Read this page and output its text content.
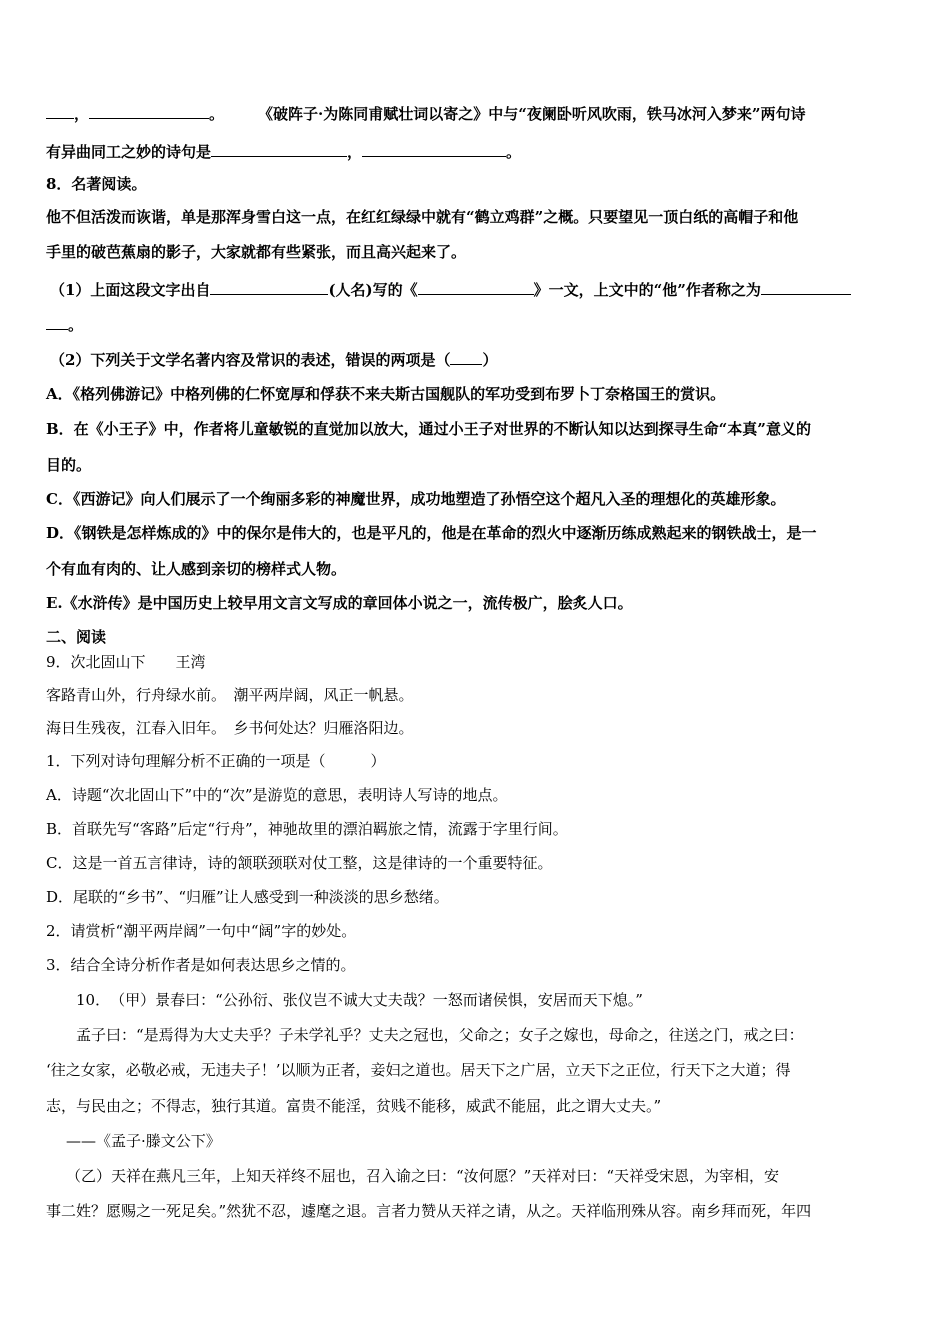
，	。 《破阵子·为陈同甫赋壮词以寄之》中与“夜阑卧听风吹雨，铁马冰河入梦来”两句诗
有异曲同工之妙的诗句是	，	。
8．名著阅读。
他不但活泼而诙谐，单是那浑身雪白这一点，在红红绿绿中就有“鹤立鸡群”之概。只要望见一顶白纸的高帽子和他
手里的破芭蕉扇的影子，大家就都有些紧张，而且高兴起来了。
（1）上面这段文字出自	(人名)写的《	》一文，上文中的“他”作者称之为
。
（2）下列关于文学名著内容及常识的表述，错误的两项是（ ）
A．《格列佛游记》中格列佛的仁怀宽厚和俘获不来夫斯古国舰队的军功受到布罗卜丁奈格国王的赏识。
B．在《小王子》中，作者将儿童敏锐的直觉加以放大，通过小王子对世界的不断认知以达到探寻生命“本真”意义的
目的。
C．《西游记》向人们展示了一个绚丽多彩的神魔世界，成功地塑造了孙悟空这个超凡入圣的理想化的英雄形象。
D．《钢铁是怎样炼成的》中的保尔是伟大的，也是平凡的，他是在革命的烈火中逐渐历练成熟起来的钢铁战士，是一
个有血有肉的、让人感到亲切的榜样式人物。
E.《水浒传》是中国历史上较早用文言文写成的章回体小说之一，流传极广，脍炙人口。
二、阅读
9．次北固山下　　王湾
客路青山外，行舟绿水前。　潮平两岸阔，风正一帆悬。
海日生残夜，江春入旧年。　乡书何处达？归雁洛阳边。
1．下列对诗句理解分析不正确的一项是（　　　）
A．诗题“次北固山下”中的“次”是游览的意思，表明诗人写诗的地点。
B．首联先写“客路”后定“行舟”，神驰故里的漂泊羁旅之情，流露于字里行间。
C．这是一首五言律诗，诗的颔联颈联对仗工整，这是律诗的一个重要特征。
D．尾联的“乡书”、“归雁”让人感受到一种淡淡的思乡愁绪。
2．请赏析“潮平两岸阔”一句中“阔”字的妙处。
3．结合全诗分析作者是如何表达思乡之情的。
10．　（甲）景春曰：“公孙衍、张仪岂不诚大丈夫哉？一怒而诸侯惧，安居而天下熄。”
孟子曰：“是焉得为大丈夫乎？子未学礼乎？丈夫之冠也，父命之；女子之嫁也，母命之，往送之门，戒之曰：
‘往之女家，必敬必戒，无违夫子！’以顺为正者，妾妇之道也。居天下之广居，立天下之正位，行天下之大道；得
志，与民由之；不得志，独行其道。富贵不能淫，贫贱不能移，威武不能屈，此之谓大丈夫。”
——《孟子·滕文公下》
（乙）天祥在燕凡三年，上知天祥终不屈也，召入谕之曰：“汝何愿？”天祥对曰：“天祥受宋恩，为宰相，安
事二姓？愿赐之一死足矣。”然犹不忍，遽麾之退。言者力赞从天祥之请，从之。天祥临刑殊从容。南乡拜而死，年四
